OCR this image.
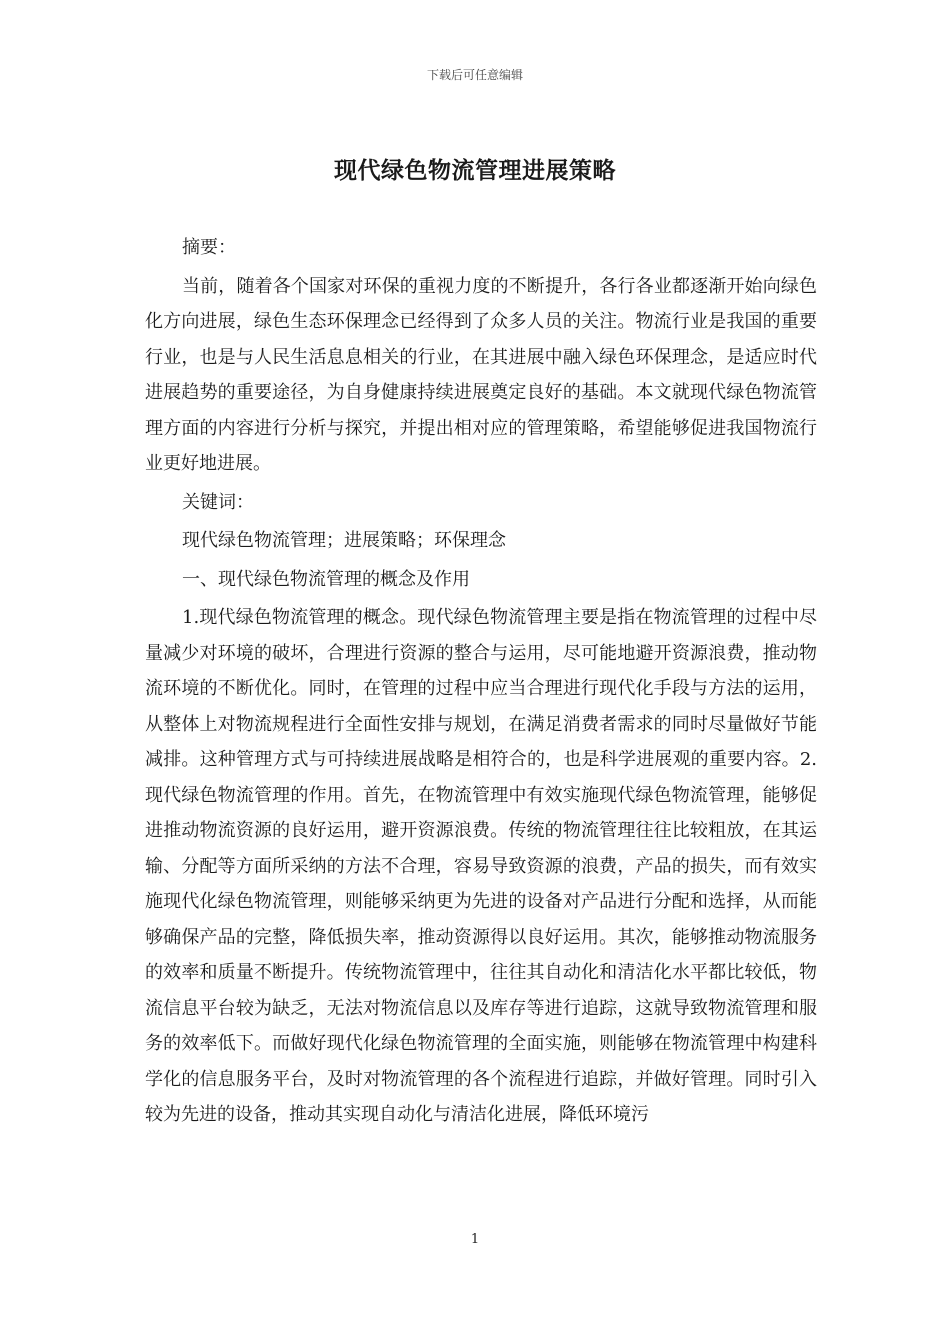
下载后可任意编辑
现代绿色物流管理进展策略

摘要：

当前，随着各个国家对环保的重视力度的不断提升，各行各业都逐渐开始向绿色化方向进展，绿色生态环保理念已经得到了众多人员的关注。物流行业是我国的重要行业，也是与人民生活息息相关的行业，在其进展中融入绿色环保理念，是适应时代进展趋势的重要途径，为自身健康持续进展奠定良好的基础。本文就现代绿色物流管理方面的内容进行分析与探究，并提出相对应的管理策略，希望能够促进我国物流行业更好地进展。

关键词：

现代绿色物流管理；进展策略；环保理念

一、现代绿色物流管理的概念及作用

1.现代绿色物流管理的概念。现代绿色物流管理主要是指在物流管理的过程中尽量减少对环境的破坏，合理进行资源的整合与运用，尽可能地避开资源浪费，推动物流环境的不断优化。同时，在管理的过程中应当合理进行现代化手段与方法的运用，从整体上对物流规程进行全面性安排与规划，在满足消费者需求的同时尽量做好节能减排。这种管理方式与可持续进展战略是相符合的，也是科学进展观的重要内容。2.现代绿色物流管理的作用。首先，在物流管理中有效实施现代绿色物流管理，能够促进推动物流资源的良好运用，避开资源浪费。传统的物流管理往往比较粗放，在其运输、分配等方面所采纳的方法不合理，容易导致资源的浪费，产品的损失，而有效实施现代化绿色物流管理，则能够采纳更为先进的设备对产品进行分配和选择，从而能够确保产品的完整，降低损失率，推动资源得以良好运用。其次，能够推动物流服务的效率和质量不断提升。传统物流管理中，往往其自动化和清洁化水平都比较低，物流信息平台较为缺乏，无法对物流信息以及库存等进行追踪，这就导致物流管理和服务的效率低下。而做好现代化绿色物流管理的全面实施，则能够在物流管理中构建科学化的信息服务平台，及时对物流管理的各个流程进行追踪，并做好管理。同时引入较为先进的设备，推动其实现自动化与清洁化进展，降低环境污

1
